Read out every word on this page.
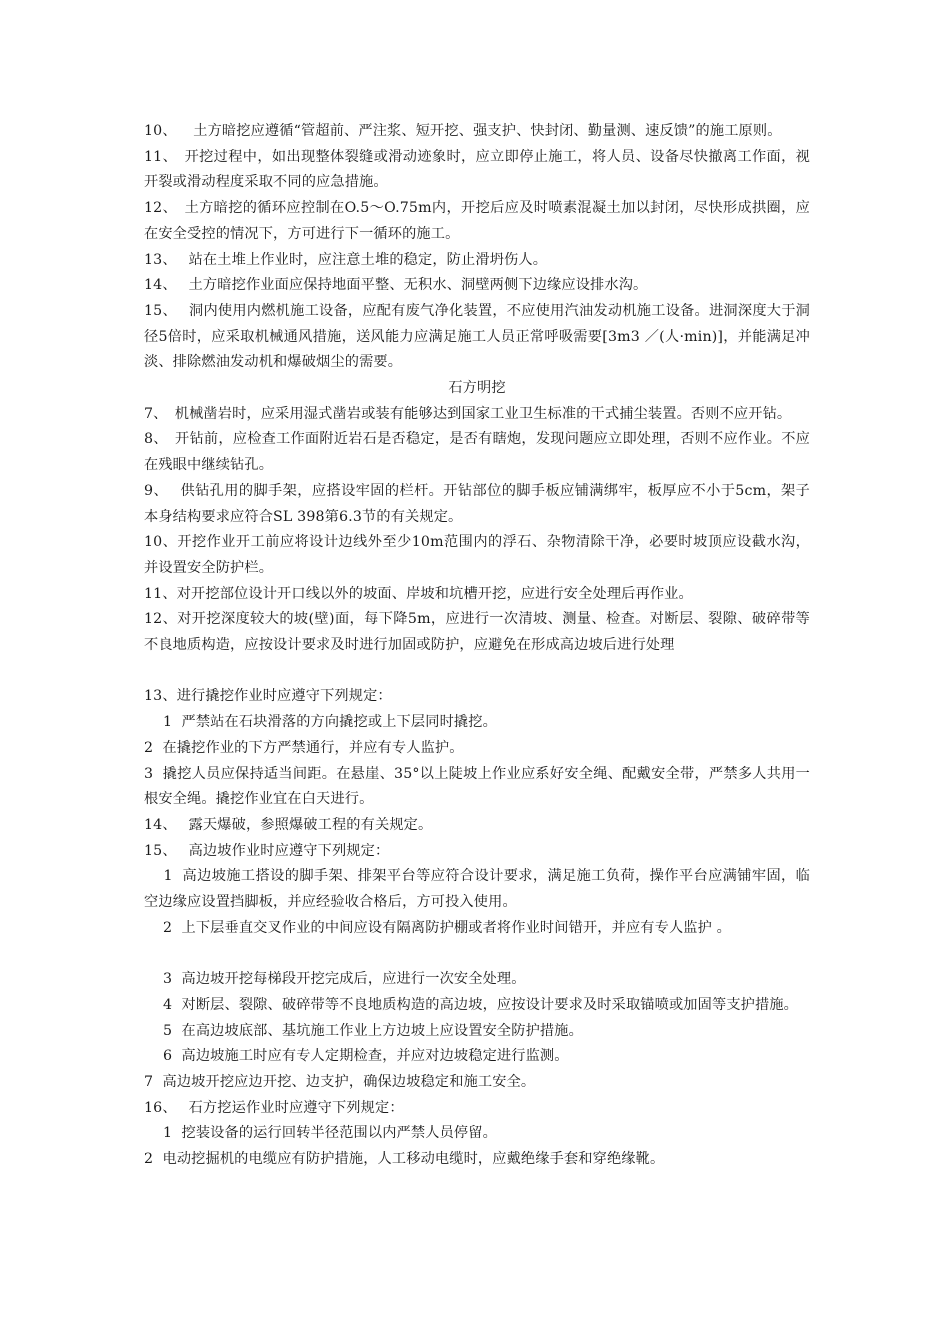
10、　  土方暗挖应遵循“管超前、严注浆、短开挖、强支护、快封闭、勤量测、速反馈”的施工原则。

11、　开挖过程中，如出现整体裂缝或滑动迹象时，应立即停止施工，将人员、设备尽快撤离工作面，视开裂或滑动程度采取不同的应急措施。

12、　土方暗挖的循环应控制在O.5～O.75m内，开挖后应及时喷素混凝土加以封闭，尽快形成拱圈，应在安全受控的情况下，方可进行下一循环的施工。

13、　 站在土堆上作业时，应注意土堆的稳定，防止滑坍伤人。

14、　 土方暗挖作业面应保持地面平整、无积水、洞壁两侧下边缘应设排水沟。

15、　 洞内使用内燃机施工设备，应配有废气净化装置，不应使用汽油发动机施工设备。进洞深度大于洞径5倍时，应采取机械通风措施，送风能力应满足施工人员正常呼吸需要[3m3 ／(人·min)]，并能满足冲淡、排除燃油发动机和爆破烟尘的需要。

石方明挖

7、　机械凿岩时，应采用湿式凿岩或装有能够达到国家工业卫生标准的干式捕尘装置。否则不应开钻。

8、　开钻前，应检查工作面附近岩石是否稳定，是否有瞎炮，发现问题应立即处理，否则不应作业。不应在残眼中继续钻孔。

9、　 供钻孔用的脚手架，应搭设牢固的栏杆。开钻部位的脚手板应铺满绑牢，板厚应不小于5cm，架子本身结构要求应符合SL 398第6.3节的有关规定。

10、开挖作业开工前应将设计边线外至少10m范围内的浮石、杂物清除干净，必要时坡顶应设截水沟，并设置安全防护栏。

11、对开挖部位设计开口线以外的坡面、岸坡和坑槽开挖，应进行安全处理后再作业。

12、对开挖深度较大的坡(壁)面，每下降5m，应进行一次清坡、测量、检查。对断层、裂隙、破碎带等不良地质构造，应按设计要求及时进行加固或防护，应避免在形成高边坡后进行处理

13、进行撬挖作业时应遵守下列规定：

　 1  严禁站在石块滑落的方向撬挖或上下层同时撬挖。

2  在撬挖作业的下方严禁通行，并应有专人监护。

3  撬挖人员应保持适当间距。在悬崖、35°以上陡坡上作业应系好安全绳、配戴安全带，严禁多人共用一根安全绳。撬挖作业宜在白天进行。

14、　 露天爆破，参照爆破工程的有关规定。

15、　 高边坡作业时应遵守下列规定：

　 1  高边坡施工搭设的脚手架、排架平台等应符合设计要求，满足施工负荷，操作平台应满铺牢固，临空边缘应设置挡脚板，并应经验收合格后，方可投入使用。

　 2  上下层垂直交叉作业的中间应设有隔离防护棚或者将作业时间错开，并应有专人监护 。

　 3  高边坡开挖每梯段开挖完成后，应进行一次安全处理。

　 4  对断层、裂隙、破碎带等不良地质构造的高边坡，应按设计要求及时采取锚喷或加固等支护措施。

　 5  在高边坡底部、基坑施工作业上方边坡上应设置安全防护措施。

　 6  高边坡施工时应有专人定期检查，并应对边坡稳定进行监测。

7  高边坡开挖应边开挖、边支护，确保边坡稳定和施工安全。

16、　 石方挖运作业时应遵守下列规定：

　 1  挖装设备的运行回转半径范围以内严禁人员停留。

2  电动挖掘机的电缆应有防护措施，人工移动电缆时，应戴绝缘手套和穿绝缘靴。
